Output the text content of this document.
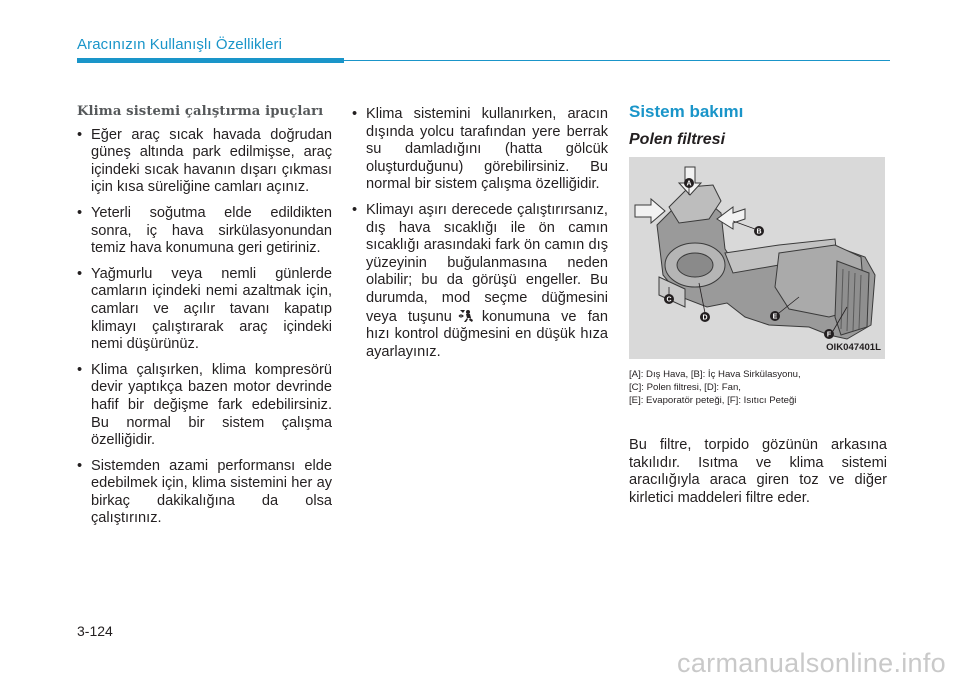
Aracınızın Kullanışlı Özellikleri
Klima sistemi çalıştırma ipuçları
• Eğer araç sıcak havada doğrudan güneş altında park edilmişse, araç içindeki sıcak havanın dışarı çıkması için kısa süreliğine camları açınız.
• Yeterli soğutma elde edildikten sonra, iç hava sirkülasyonundan temiz hava konumuna geri getiriniz.
• Yağmurlu veya nemli günlerde camların içindeki nemi azaltmak için, camları ve açılır tavanı kapatıp klimayı çalıştırarak araç içindeki nemi düşürünüz.
• Klima çalışırken, klima kompresörü devir yaptıkça bazen motor devrinde hafif bir değişme fark edebilirsiniz. Bu normal bir sistem çalışma özelliğidir.
• Sistemden azami performansı elde edebilmek için, klima sistemini her ay birkaç dakikalığına da olsa çalıştırınız.
• Klima sistemini kullanırken, aracın dışında yolcu tarafından yere berrak su damladığını (hatta gölcük oluşturduğunu) görebilirsiniz. Bu normal bir sistem çalışma özelliğidir.
• Klimayı aşırı derecede çalıştırırsanız, dış hava sıcaklığı ile ön camın sıcaklığı arasındaki fark ön camın dış yüzeyinin buğulanmasına neden olabilir; bu da görüşü engeller. Bu durumda, mod seçme düğmesini veya tuşunu konumuna ve fan hızı kontrol düğmesini en düşük hıza ayarlayınız.
Sistem bakımı
Polen filtresi
A
B
C
D	E
F
OIK047401L
[A]: Dış Hava, [B]: İç Hava Sirkülasyonu,
[C]: Polen filtresi, [D]: Fan,
[E]: Evaporatör peteği, [F]: Isıtıcı Peteği
Bu filtre, torpido gözünün arkasına takılıdır. Isıtma ve klima sistemi aracılığıyla araca giren toz ve diğer kirletici maddeleri filtre eder.
3-124
carmanualsonline.info
